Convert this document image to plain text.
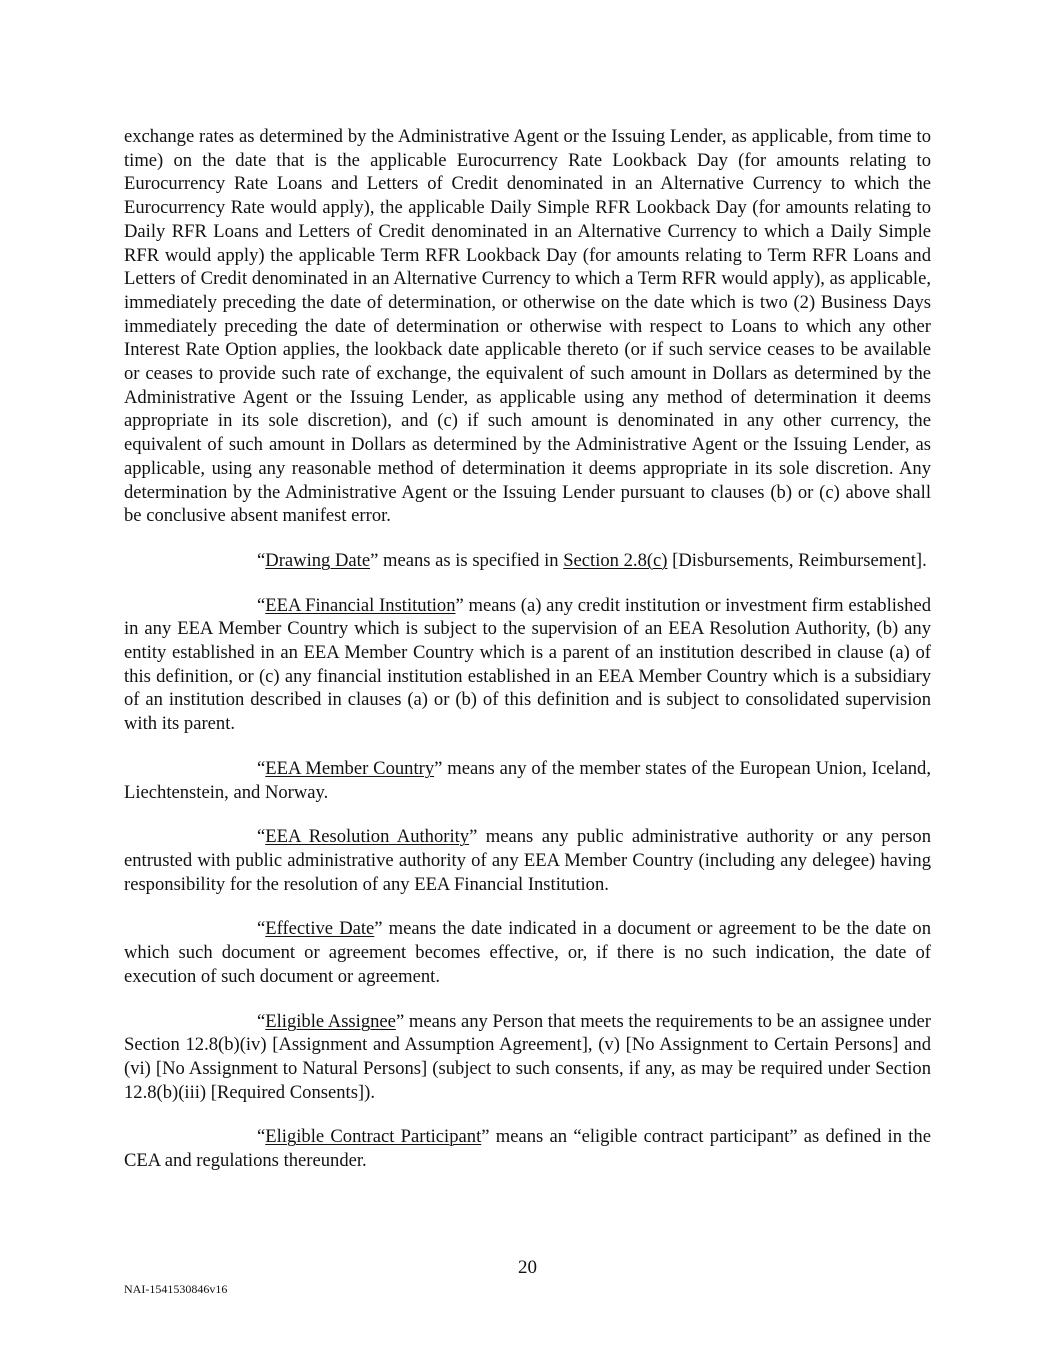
exchange rates as determined by the Administrative Agent or the Issuing Lender, as applicable, from time to time) on the date that is the applicable Eurocurrency Rate Lookback Day (for amounts relating to Eurocurrency Rate Loans and Letters of Credit denominated in an Alternative Currency to which the Eurocurrency Rate would apply), the applicable Daily Simple RFR Lookback Day (for amounts relating to Daily RFR Loans and Letters of Credit denominated in an Alternative Currency to which a Daily Simple RFR would apply) the applicable Term RFR Lookback Day (for amounts relating to Term RFR Loans and Letters of Credit denominated in an Alternative Currency to which a Term RFR would apply), as applicable, immediately preceding the date of determination, or otherwise on the date which is two (2) Business Days immediately preceding the date of determination or otherwise with respect to Loans to which any other Interest Rate Option applies, the lookback date applicable thereto (or if such service ceases to be available or ceases to provide such rate of exchange, the equivalent of such amount in Dollars as determined by the Administrative Agent or the Issuing Lender, as applicable using any method of determination it deems appropriate in its sole discretion), and (c) if such amount is denominated in any other currency, the equivalent of such amount in Dollars as determined by the Administrative Agent or the Issuing Lender, as applicable, using any reasonable method of determination it deems appropriate in its sole discretion. Any determination by the Administrative Agent or the Issuing Lender pursuant to clauses (b) or (c) above shall be conclusive absent manifest error.

“Drawing Date” means as is specified in Section 2.8(c) [Disbursements, Reimbursement].

“EEA Financial Institution” means (a) any credit institution or investment firm established in any EEA Member Country which is subject to the supervision of an EEA Resolution Authority, (b) any entity established in an EEA Member Country which is a parent of an institution described in clause (a) of this definition, or (c) any financial institution established in an EEA Member Country which is a subsidiary of an institution described in clauses (a) or (b) of this definition and is subject to consolidated supervision with its parent.

“EEA Member Country” means any of the member states of the European Union, Iceland, Liechtenstein, and Norway.

“EEA Resolution Authority” means any public administrative authority or any person entrusted with public administrative authority of any EEA Member Country (including any delegee) having responsibility for the resolution of any EEA Financial Institution.

“Effective Date” means the date indicated in a document or agreement to be the date on which such document or agreement becomes effective, or, if there is no such indication, the date of execution of such document or agreement.

“Eligible Assignee” means any Person that meets the requirements to be an assignee under Section 12.8(b)(iv) [Assignment and Assumption Agreement], (v) [No Assignment to Certain Persons] and (vi) [No Assignment to Natural Persons] (subject to such consents, if any, as may be required under Section 12.8(b)(iii) [Required Consents]).

“Eligible Contract Participant” means an “eligible contract participant” as defined in the CEA and regulations thereunder.

20
NAI-1541530846v16
